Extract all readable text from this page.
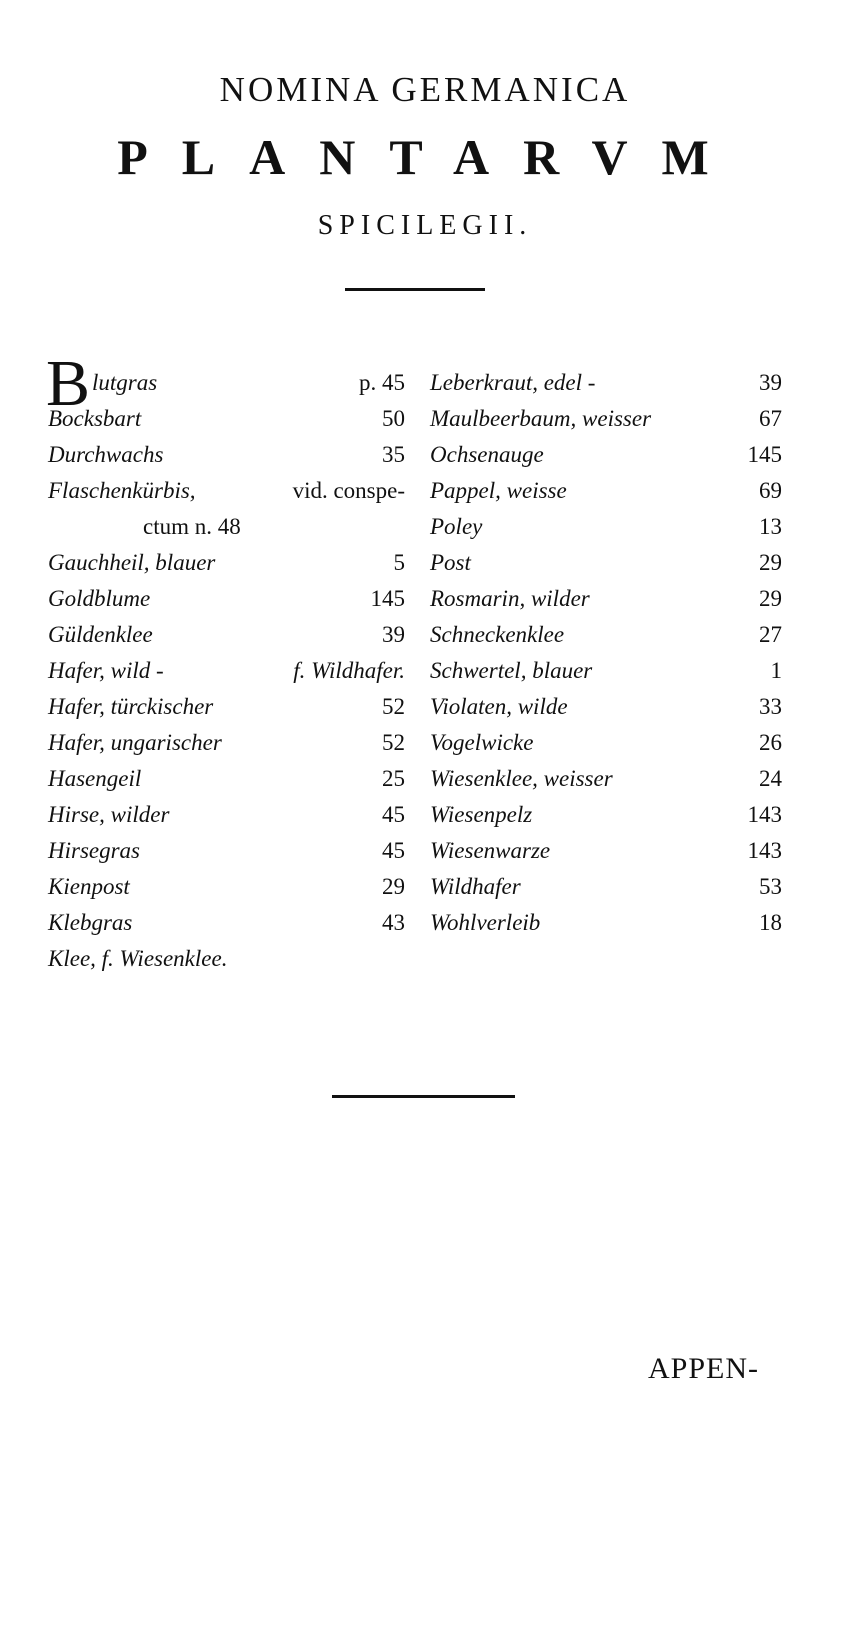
NOMINA GERMANICA
PLANTARVM
SPICILEGII.
B lutgras	p. 45
Bocksbart	50
Durchwachs	35
Flaschenkürbis,	vid. conspe-
ctum n. 48
Gauchheil, blauer	5
Goldblume	145
Güldenklee	39
Hafer, wild -	f. Wildhafer.
Hafer, türckischer	52
Hafer, ungarischer	52
Hasengeil	25
Hirse, wilder	45
Hirsegras	45
Kienpost	29
Klebgras	43
Klee, f. Wiesenklee.
Leberkraut, edel -	39
Maulbeerbaum, weisser	67
Ochsenauge	145
Pappel, weisse	69
Poley	13
Post	29
Rosmarin, wilder	29
Schneckenklee	27
Schwertel, blauer	1
Violaten, wilde	33
Vogelwicke	26
Wiesenklee, weisser	24
Wiesenpelz	143
Wiesenwarze	143
Wildhafer	53
Wohlverleib	18
APPEN-
